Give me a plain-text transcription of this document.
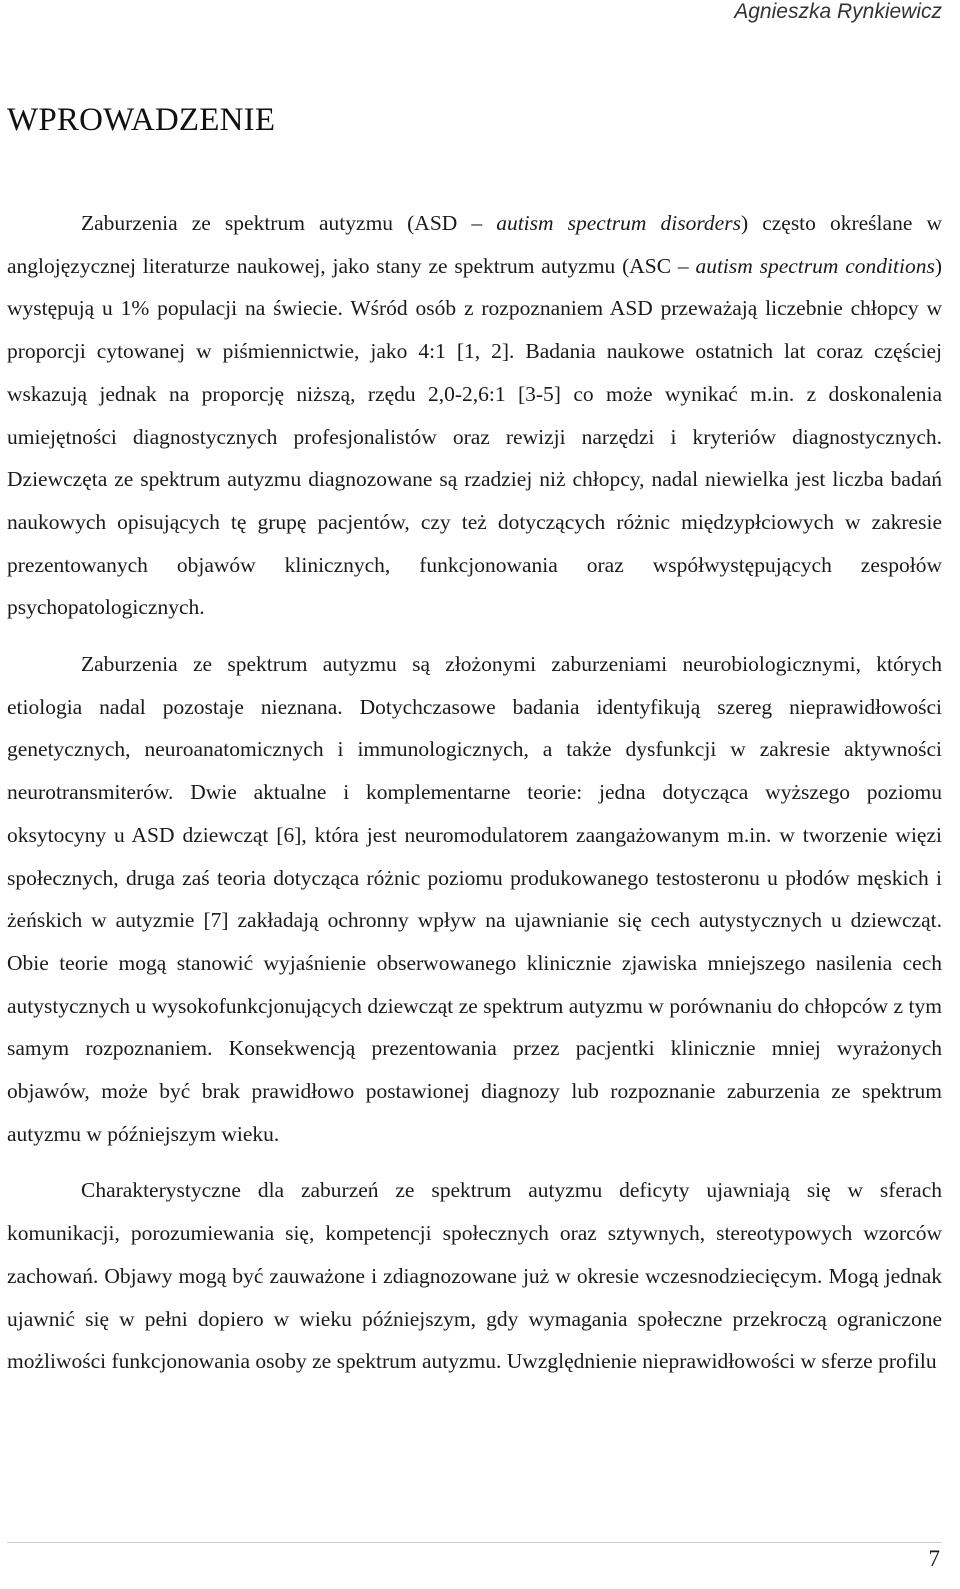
Agnieszka Rynkiewicz
WPROWADZENIE

Zaburzenia ze spektrum autyzmu (ASD – autism spectrum disorders) często określane w anglojęzycznej literaturze naukowej, jako stany ze spektrum autyzmu (ASC – autism spectrum conditions) występują u 1% populacji na świecie. Wśród osób z rozpoznaniem ASD przeważają liczebnie chłopcy w proporcji cytowanej w piśmiennictwie, jako 4:1 [1, 2]. Badania naukowe ostatnich lat coraz częściej wskazują jednak na proporcję niższą, rzędu 2,0-2,6:1 [3-5] co może wynikać m.in. z doskonalenia umiejętności diagnostycznych profesjonalistów oraz rewizji narzędzi i kryteriów diagnostycznych. Dziewczęta ze spektrum autyzmu diagnozowane są rzadziej niż chłopcy, nadal niewielka jest liczba badań naukowych opisujących tę grupę pacjentów, czy też dotyczących różnic międzypłciowych w zakresie prezentowanych objawów klinicznych, funkcjonowania oraz współwystępujących zespołów psychopatologicznych.

Zaburzenia ze spektrum autyzmu są złożonymi zaburzeniami neurobiologicznymi, których etiologia nadal pozostaje nieznana. Dotychczasowe badania identyfikują szereg nieprawidłowości genetycznych, neuroanatomicznych i immunologicznych, a także dysfunkcji w zakresie aktywności neurotransmiterów. Dwie aktualne i komplementarne teorie: jedna dotycząca wyższego poziomu oksytocyny u ASD dziewcząt [6], która jest neuromodulatorem zaangażowanym m.in. w tworzenie więzi społecznych, druga zaś teoria dotycząca różnic poziomu produkowanego testosteronu u płodów męskich i żeńskich w autyzmie [7] zakładają ochronny wpływ na ujawnianie się cech autystycznych u dziewcząt. Obie teorie mogą stanowić wyjaśnienie obserwowanego klinicznie zjawiska mniejszego nasilenia cech autystycznych u wysokofunkcjonujących dziewcząt ze spektrum autyzmu w porównaniu do chłopców z tym samym rozpoznaniem. Konsekwencją prezentowania przez pacjentki klinicznie mniej wyrażonych objawów, może być brak prawidłowo postawionej diagnozy lub rozpoznanie zaburzenia ze spektrum autyzmu w późniejszym wieku.

Charakterystyczne dla zaburzeń ze spektrum autyzmu deficyty ujawniają się w sferach komunikacji, porozumiewania się, kompetencji społecznych oraz sztywnych, stereotypowych wzorców zachowań. Objawy mogą być zauważone i zdiagnozowane już w okresie wczesnodziecięcym. Mogą jednak ujawnić się w pełni dopiero w wieku późniejszym, gdy wymagania społeczne przekroczą ograniczone możliwości funkcjonowania osoby ze spektrum autyzmu. Uwzględnienie nieprawidłowości w sferze profilu

7
